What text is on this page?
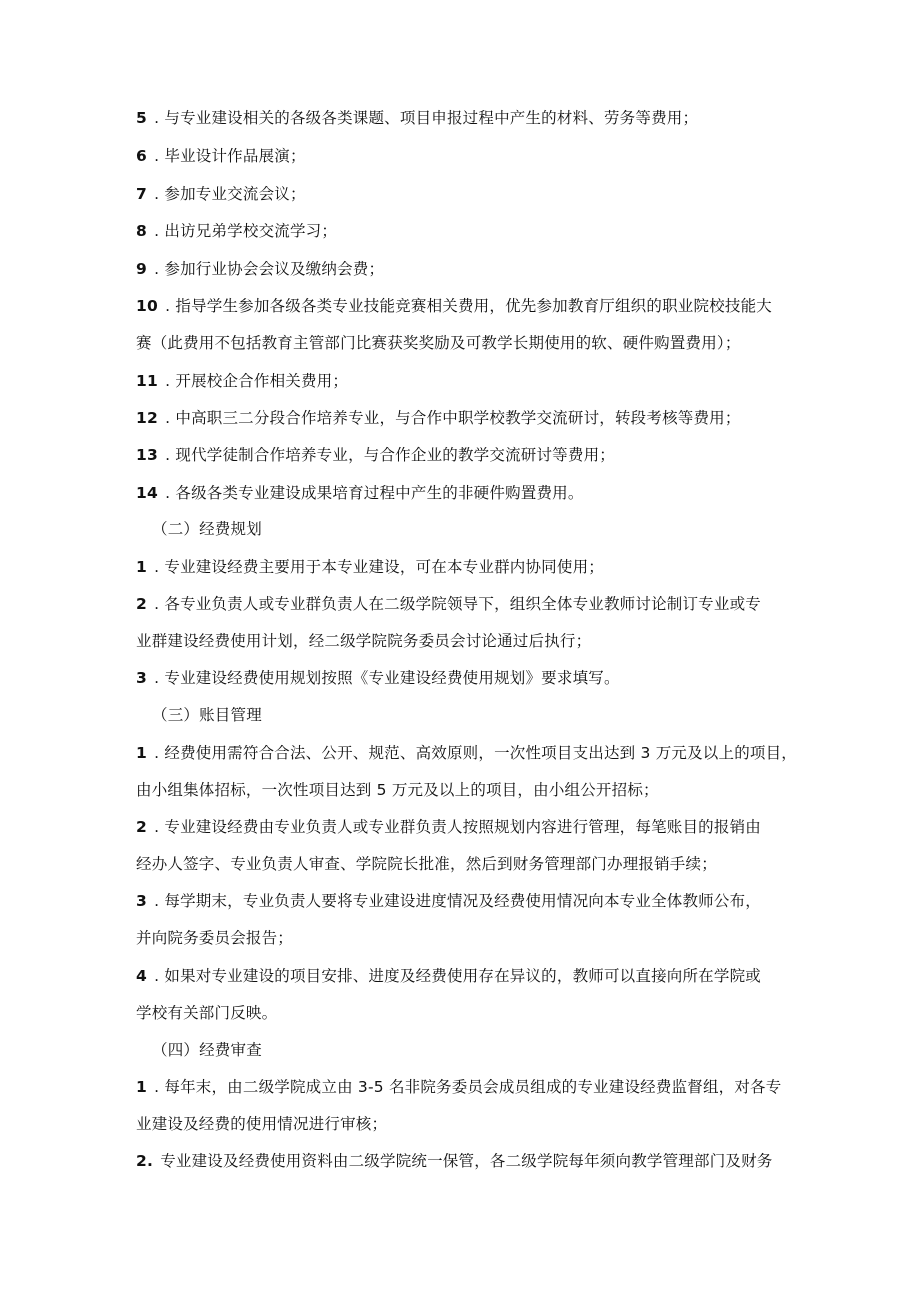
5 . 与专业建设相关的各级各类课题、项目申报过程中产生的材料、劳务等费用；
6 . 毕业设计作品展演；
7 . 参加专业交流会议；
8 . 出访兄弟学校交流学习；
9 . 参加行业协会会议及缴纳会费；
10 . 指导学生参加各级各类专业技能竞赛相关费用，优先参加教育厅组织的职业院校技能大
赛（此费用不包括教育主管部门比赛获奖奖励及可教学长期使用的软、硬件购置费用）；
11 . 开展校企合作相关费用；
12 . 中高职三二分段合作培养专业，与合作中职学校教学交流研讨，转段考核等费用；
13 . 现代学徒制合作培养专业，与合作企业的教学交流研讨等费用；
14 . 各级各类专业建设成果培育过程中产生的非硬件购置费用。
（二）经费规划
1 . 专业建设经费主要用于本专业建设，可在本专业群内协同使用；
2 . 各专业负责人或专业群负责人在二级学院领导下，组织全体专业教师讨论制订专业或专
业群建设经费使用计划，经二级学院院务委员会讨论通过后执行；
3 . 专业建设经费使用规划按照《专业建设经费使用规划》要求填写。
（三）账目管理
1 . 经费使用需符合合法、公开、规范、高效原则，一次性项目支出达到 3 万元及以上的项目，
由小组集体招标，一次性项目达到 5 万元及以上的项目，由小组公开招标；
2 . 专业建设经费由专业负责人或专业群负责人按照规划内容进行管理，每笔账目的报销由
经办人签字、专业负责人审查、学院院长批准，然后到财务管理部门办理报销手续；
3 . 每学期末，专业负责人要将专业建设进度情况及经费使用情况向本专业全体教师公布，
并向院务委员会报告；
4 . 如果对专业建设的项目安排、进度及经费使用存在异议的，教师可以直接向所在学院或
学校有关部门反映。
（四）经费审查
1 . 每年末，由二级学院成立由 3-5 名非院务委员会成员组成的专业建设经费监督组，对各专
业建设及经费的使用情况进行审核；
2. 专业建设及经费使用资料由二级学院统一保管，各二级学院每年须向教学管理部门及财务
